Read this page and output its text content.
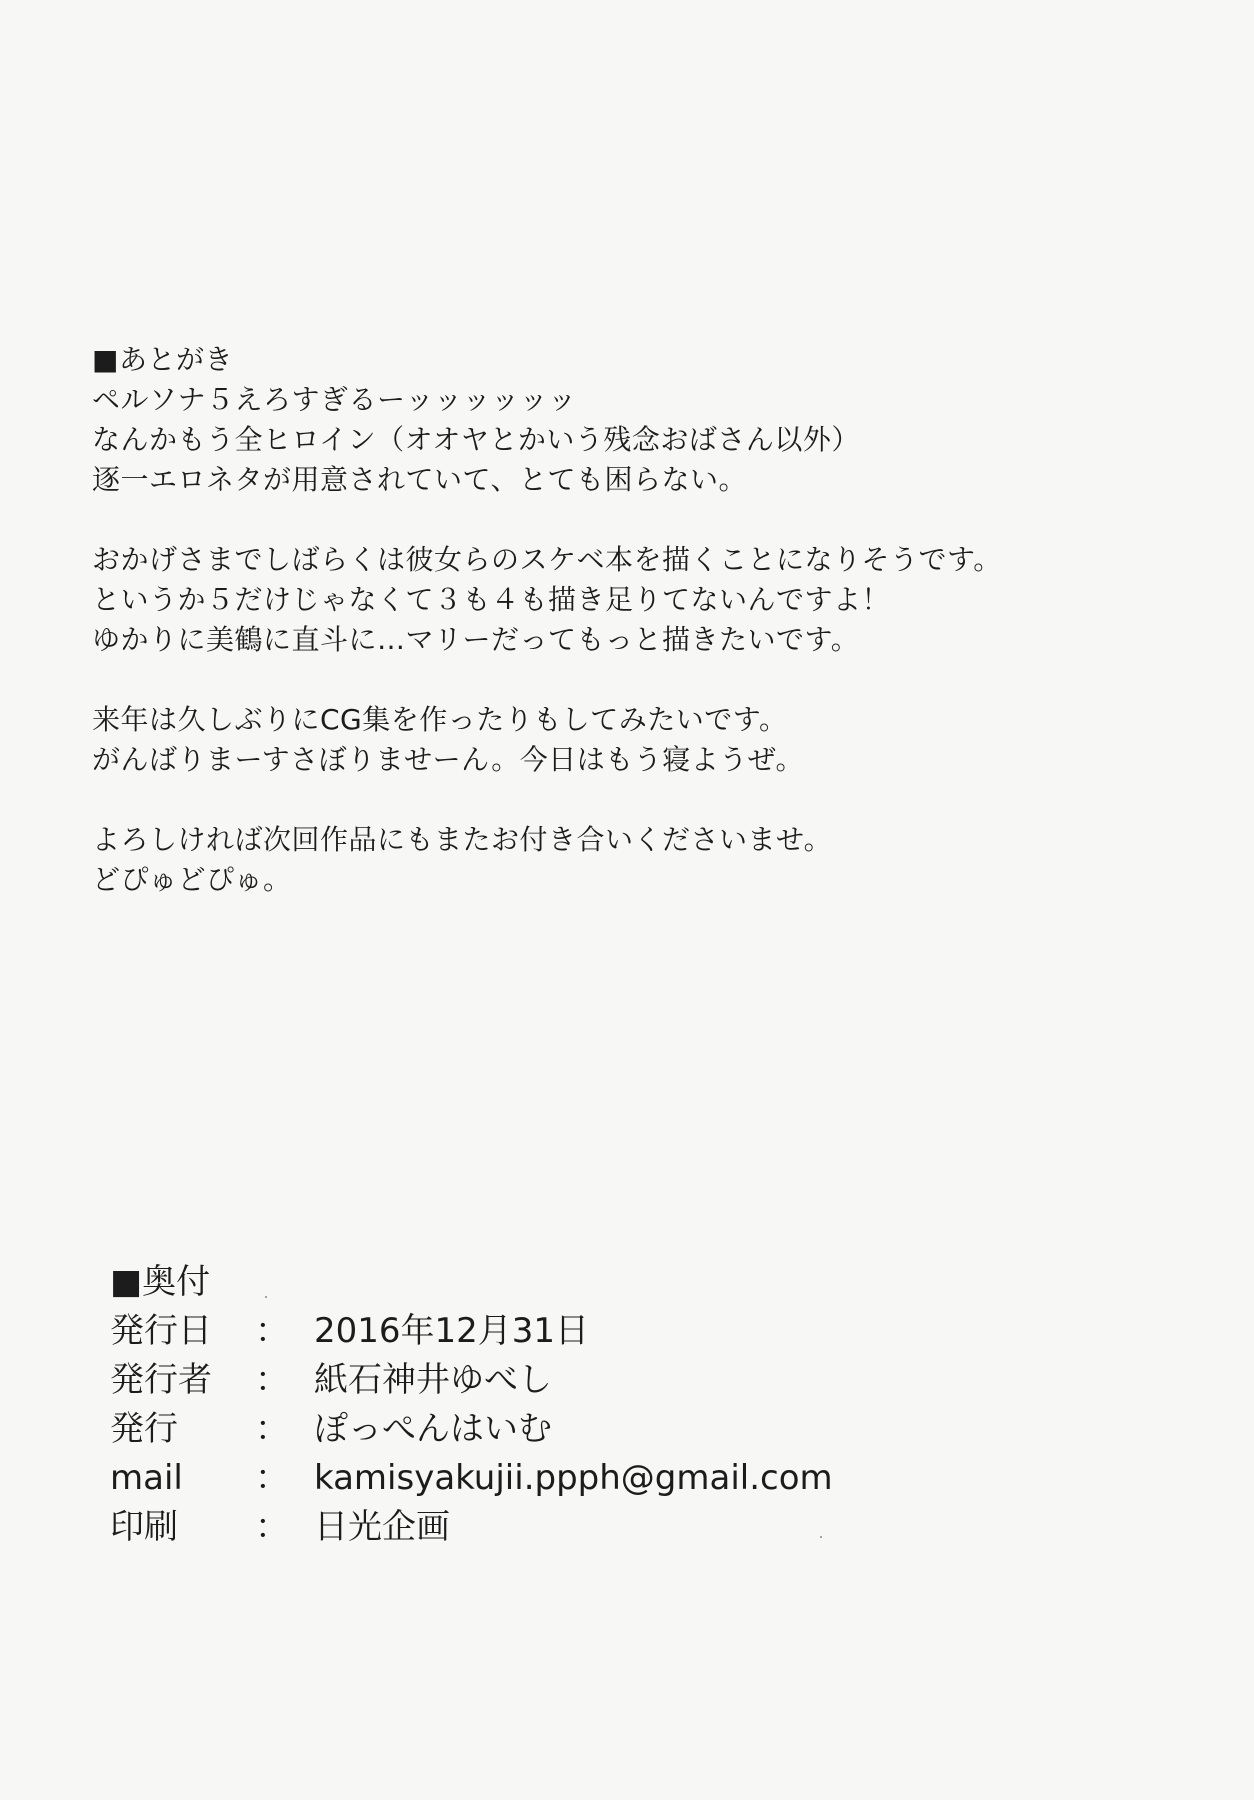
■あとがき
ペルソナ５えろすぎるーッッッッッッ
なんかもう全ヒロイン（オオヤとかいう残念おばさん以外）
逐一エロネタが用意されていて、とても困らない。
おかげさまでしばらくは彼女らのスケベ本を描くことになりそうです。
というか５だけじゃなくて３も４も描き足りてないんですよ！
ゆかりに美鶴に直斗に…マリーだってもっと描きたいです。
来年は久しぶりにCG集を作ったりもしてみたいです。
がんばりまーすさぼりませーん。今日はもう寝ようぜ。
よろしければ次回作品にもまたお付き合いくださいませ。
どぴゅどぴゅ。
■奥付
発行日	： 2016年12月31日
発行者	： 紙石神井ゆべし
発行	： ぽっぺんはいむ
mail	： kamisyakujii.ppph@gmail.com
印刷	： 日光企画
